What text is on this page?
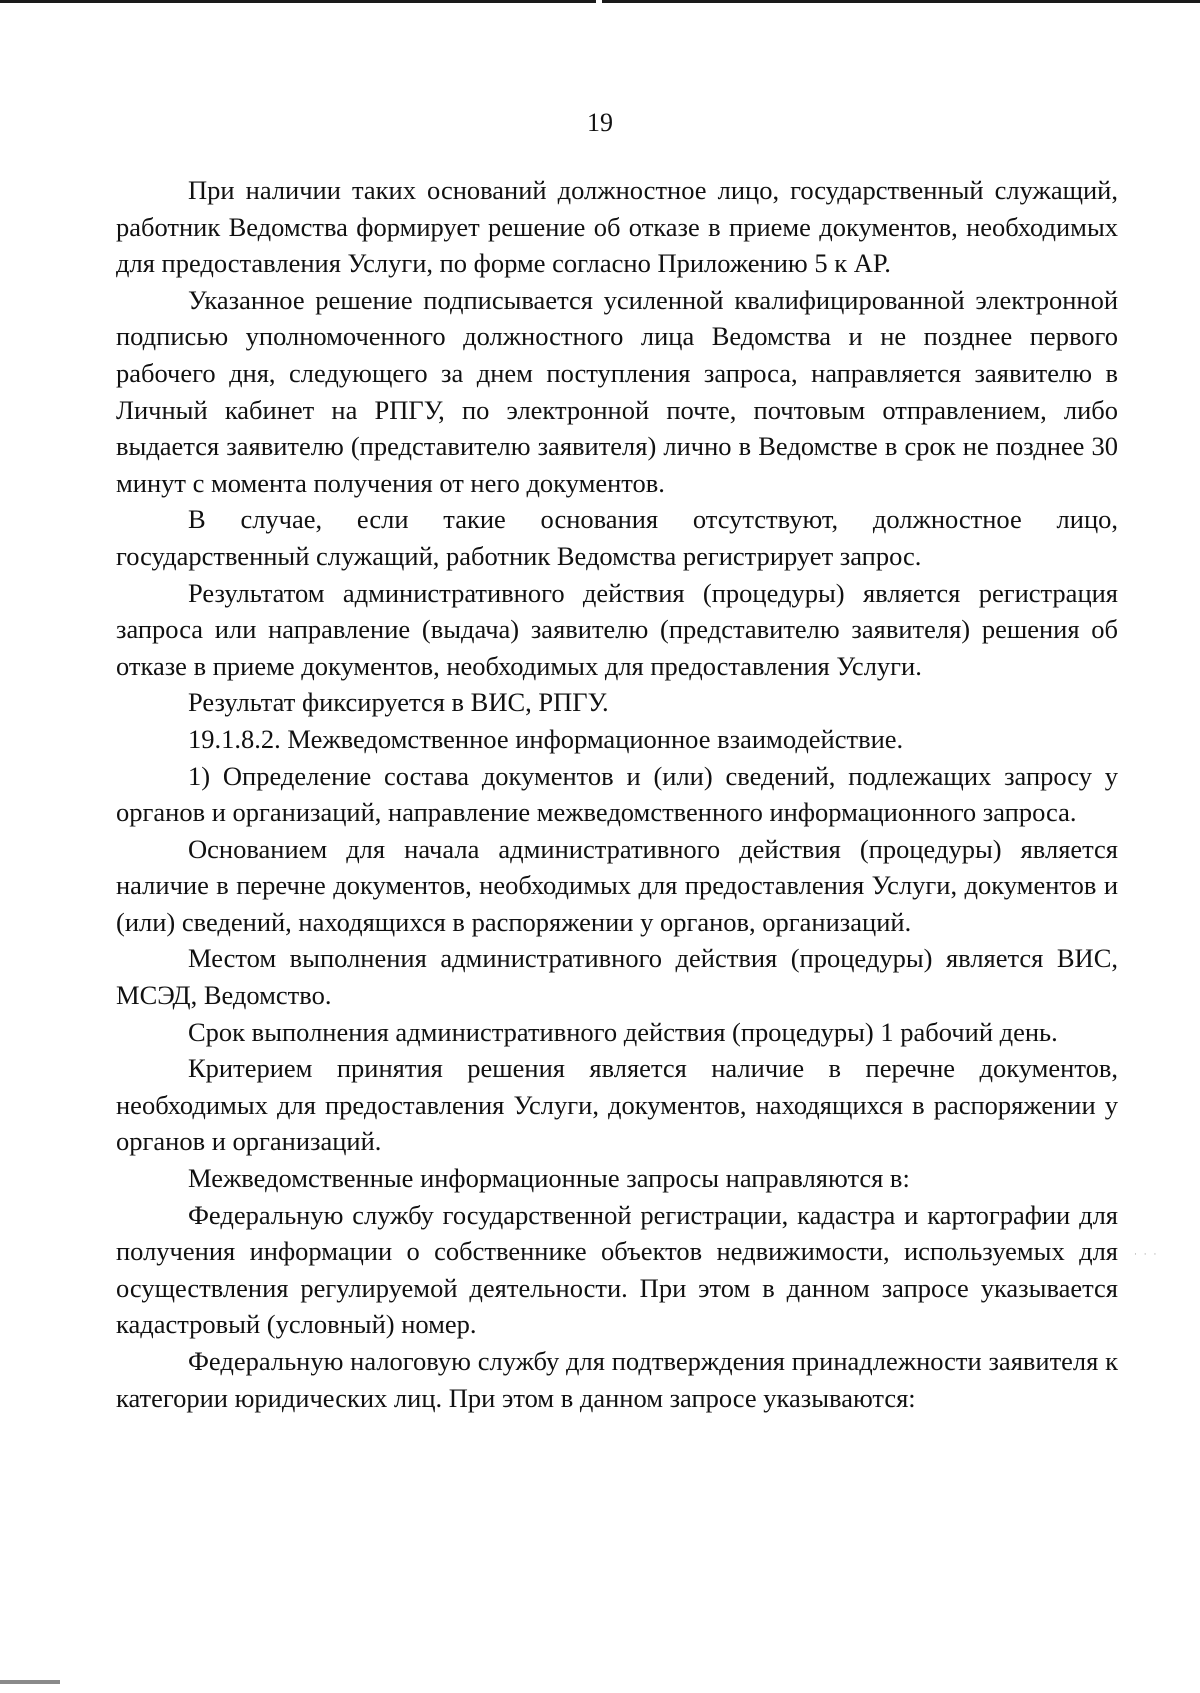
19

При наличии таких оснований должностное лицо, государственный служащий, работник Ведомства формирует решение об отказе в приеме документов, необходимых для предоставления Услуги, по форме согласно Приложению 5 к АР.

Указанное решение подписывается усиленной квалифицированной электронной подписью уполномоченного должностного лица Ведомства и не позднее первого рабочего дня, следующего за днем поступления запроса, направляется заявителю в Личный кабинет на РПГУ, по электронной почте, почтовым отправлением, либо выдается заявителю (представителю заявителя) лично в Ведомстве в срок не позднее 30 минут с момента получения от него документов.

В случае, если такие основания отсутствуют, должностное лицо, государственный служащий, работник Ведомства регистрирует запрос.

Результатом административного действия (процедуры) является регистрация запроса или направление (выдача) заявителю (представителю заявителя) решения об отказе в приеме документов, необходимых для предоставления Услуги.

Результат фиксируется в ВИС, РПГУ.

19.1.8.2. Межведомственное информационное взаимодействие.

1) Определение состава документов и (или) сведений, подлежащих запросу у органов и организаций, направление межведомственного информационного запроса.

Основанием для начала административного действия (процедуры) является наличие в перечне документов, необходимых для предоставления Услуги, документов и (или) сведений, находящихся в распоряжении у органов, организаций.

Местом выполнения административного действия (процедуры) является ВИС, МСЭД, Ведомство.

Срок выполнения административного действия (процедуры) 1 рабочий день.

Критерием принятия решения является наличие в перечне документов, необходимых для предоставления Услуги, документов, находящихся в распоряжении у органов и организаций.

Межведомственные информационные запросы направляются в:

Федеральную службу государственной регистрации, кадастра и картографии для получения информации о собственнике объектов недвижимости, используемых для осуществления регулируемой деятельности. При этом в данном запросе указывается кадастровый (условный) номер.

Федеральную налоговую службу для подтверждения принадлежности заявителя к категории юридических лиц. При этом в данном запросе указываются:

· · ·
